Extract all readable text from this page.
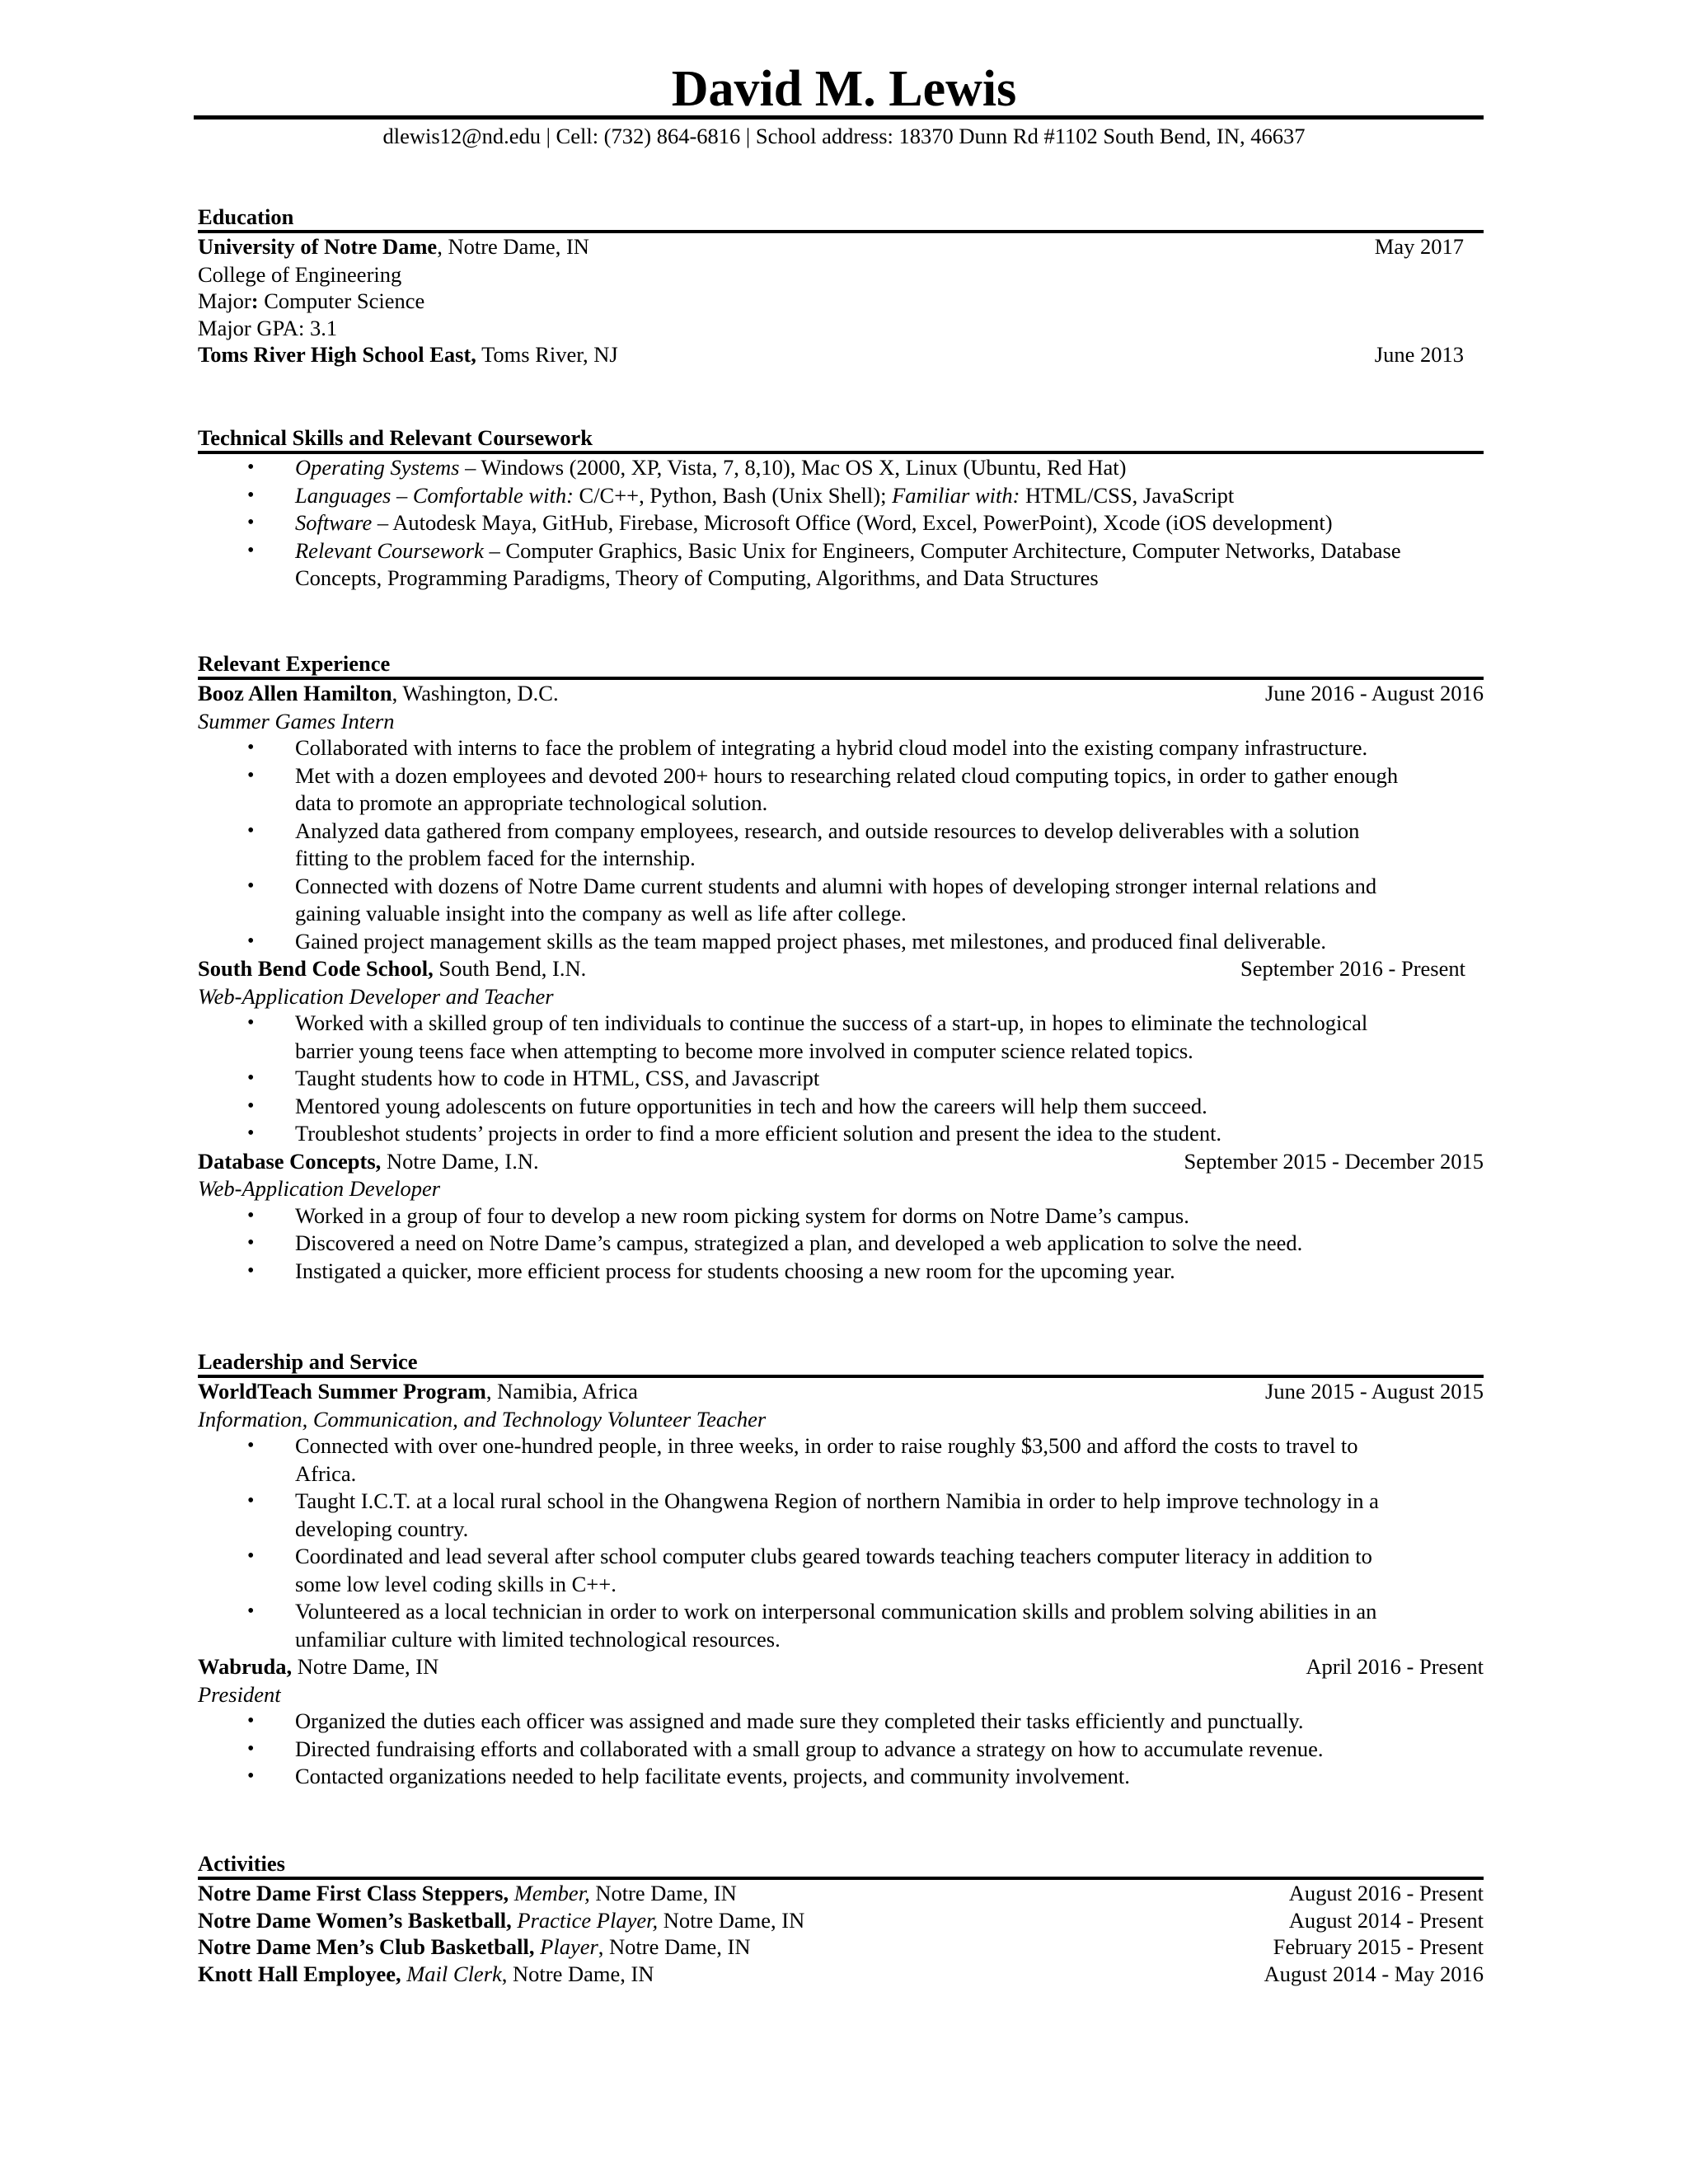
David M. Lewis
dlewis12@nd.edu | Cell: (732) 864-6816 | School address: 18370 Dunn Rd #1102 South Bend, IN, 46637
Education
University of Notre Dame, Notre Dame, IN	May 2017
College of Engineering
Major: Computer Science
Major GPA: 3.1
Toms River High School East, Toms River, NJ	June 2013
Technical Skills and Relevant Coursework
• Operating Systems – Windows (2000, XP, Vista, 7, 8,10), Mac OS X, Linux (Ubuntu, Red Hat)
• Languages – Comfortable with: C/C++, Python, Bash (Unix Shell); Familiar with: HTML/CSS, JavaScript
• Software – Autodesk Maya, GitHub, Firebase, Microsoft Office (Word, Excel, PowerPoint), Xcode (iOS development)
• Relevant Coursework – Computer Graphics, Basic Unix for Engineers, Computer Architecture, Computer Networks, Database
Concepts, Programming Paradigms, Theory of Computing, Algorithms, and Data Structures
Relevant Experience
Booz Allen Hamilton, Washington, D.C.	June 2016 - August 2016
Summer Games Intern
• Collaborated with interns to face the problem of integrating a hybrid cloud model into the existing company infrastructure.
• Met with a dozen employees and devoted 200+ hours to researching related cloud computing topics, in order to gather enough
data to promote an appropriate technological solution.
• Analyzed data gathered from company employees, research, and outside resources to develop deliverables with a solution
fitting to the problem faced for the internship.
• Connected with dozens of Notre Dame current students and alumni with hopes of developing stronger internal relations and
gaining valuable insight into the company as well as life after college.
• Gained project management skills as the team mapped project phases, met milestones, and produced final deliverable.
South Bend Code School, South Bend, I.N.	September 2016 - Present
Web-Application Developer and Teacher
• Worked with a skilled group of ten individuals to continue the success of a start-up, in hopes to eliminate the technological
barrier young teens face when attempting to become more involved in computer science related topics.
• Taught students how to code in HTML, CSS, and Javascript
• Mentored young adolescents on future opportunities in tech and how the careers will help them succeed.
• Troubleshot students’ projects in order to find a more efficient solution and present the idea to the student.
Database Concepts, Notre Dame, I.N.	September 2015 - December 2015
Web-Application Developer
• Worked in a group of four to develop a new room picking system for dorms on Notre Dame’s campus.
• Discovered a need on Notre Dame’s campus, strategized a plan, and developed a web application to solve the need.
• Instigated a quicker, more efficient process for students choosing a new room for the upcoming year.
Leadership and Service
WorldTeach Summer Program, Namibia, Africa	June 2015 - August 2015
Information, Communication, and Technology Volunteer Teacher
• Connected with over one-hundred people, in three weeks, in order to raise roughly $3,500 and afford the costs to travel to
Africa.
• Taught I.C.T. at a local rural school in the Ohangwena Region of northern Namibia in order to help improve technology in a
developing country.
• Coordinated and lead several after school computer clubs geared towards teaching teachers computer literacy in addition to
some low level coding skills in C++.
• Volunteered as a local technician in order to work on interpersonal communication skills and problem solving abilities in an
unfamiliar culture with limited technological resources.
Wabruda, Notre Dame, IN	April 2016 - Present
President
• Organized the duties each officer was assigned and made sure they completed their tasks efficiently and punctually.
• Directed fundraising efforts and collaborated with a small group to advance a strategy on how to accumulate revenue.
• Contacted organizations needed to help facilitate events, projects, and community involvement.
Activities
Notre Dame First Class Steppers, Member, Notre Dame, IN	August 2016 - Present
Notre Dame Women’s Basketball, Practice Player, Notre Dame, IN	August 2014 - Present
Notre Dame Men’s Club Basketball, Player, Notre Dame, IN	February 2015 - Present
Knott Hall Employee, Mail Clerk, Notre Dame, IN	August 2014 - May 2016
